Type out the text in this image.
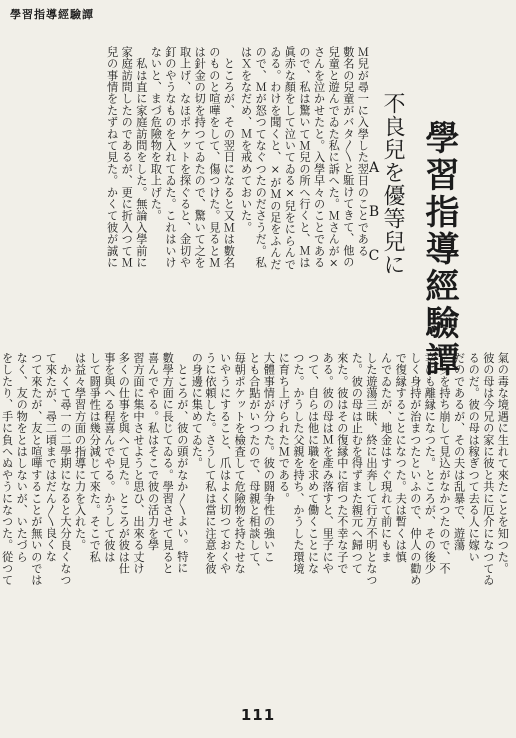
學習指導經驗譚
學習指導經驗譚
不良兒を優等兒に
A B C
Ｍ兒が尋一に入學した翌日のことである
數名の兒童がバタ〳〵と駈けてきて、他の
兒童と遊んでゐた私に訴へた。Ｍさんが×
さんを泣かせたと。入學早々のことである
ので、私は驚いてＭ兒の所へ行くと、Ｍは
眞赤な顏をして泣いてゐる×兒をにらんで
ゐる。わけを聞くと、×がＭの足をふんだ
ので、Ｍが怒つてなぐつたのださうだ。私
はＸをなだめ、Ｍを戒めておいた。
　ところが、その翌日になると又Ｍは數名
のものと喧嘩をして、傷つけた。見るとＭ
は針金の切を持つてゐたので、驚いて之を
取上げ、なほポケットを探ぐると、金切や
釘のやうなものを入れてゐた。これはいけ
ないと、まづ危險物を取上げた。
　私は直に家庭訪問をした。無論入學前に
家庭訪問したのであるが、更に折入つてＭ
兒の事情をたずねて見た。かくて彼が誠に
氣の毒な境遇に生れて來たことを知つた。
彼の母は今兄の家に彼と共に厄介になつてゐ
るのだ。彼の母は稼ぎつて去る人に嫁い
だのであるが、その夫は乱暴で、遊蕩
に身を持ち崩して見込がなかつたので、不
幸にも離縁になつた。ところが、その後少
しく身持が治まつたといふので、仲人の勸め
で復縁することになつた。夫は暫くは慎
んでゐたが、地金はすぐ現れて前にもま
した遊蕩三昧、終に出奔して行方不明となつ
た。彼の母は止むを得ずまた親元へ歸つて
來た。彼はその復縁中に宿つた不幸な子で
ある。彼の母はＭを產み落すと、里子にや
つて、自らは他に職を求めて働くことにな
つた。かうした父親を持ち、かうした環境
に育ち上げられたＭである。
大體事情が分つた。彼の闘争性の強いこ
とも合點がいつたので、母親と相談して、
毎朝ポケットを檢査して危險物を持たせな
いやうにすること、爪はよく切つておくや
うに依頼した。さうして私は當に注意を彼
の身邊に集めてゐた。
　ところが、彼の頭がなか〳〵よい。特に
數學方面に長じてゐる。學習させて見ると
喜んでやる。私はそこで彼の活力を學
習方面に集中させようと思ひ、出來る丈け
多くの仕事を與へて見た。ところが彼は仕
事を與へる程喜んでやる。かうして彼は
して闘爭性は幾分減じて來た。そこで私
は益々學習方面の指導に力を入れた。
　かくて尋一の二學期になると大分良くなつ
て來たが、尋二頃まではだん〳〵良くな
つて來たが、友と喧嘩することが無いのでは
なく、友の物をとはしないが、いたづら
をしたり、手に負へぬやうになつた。從つて
111
